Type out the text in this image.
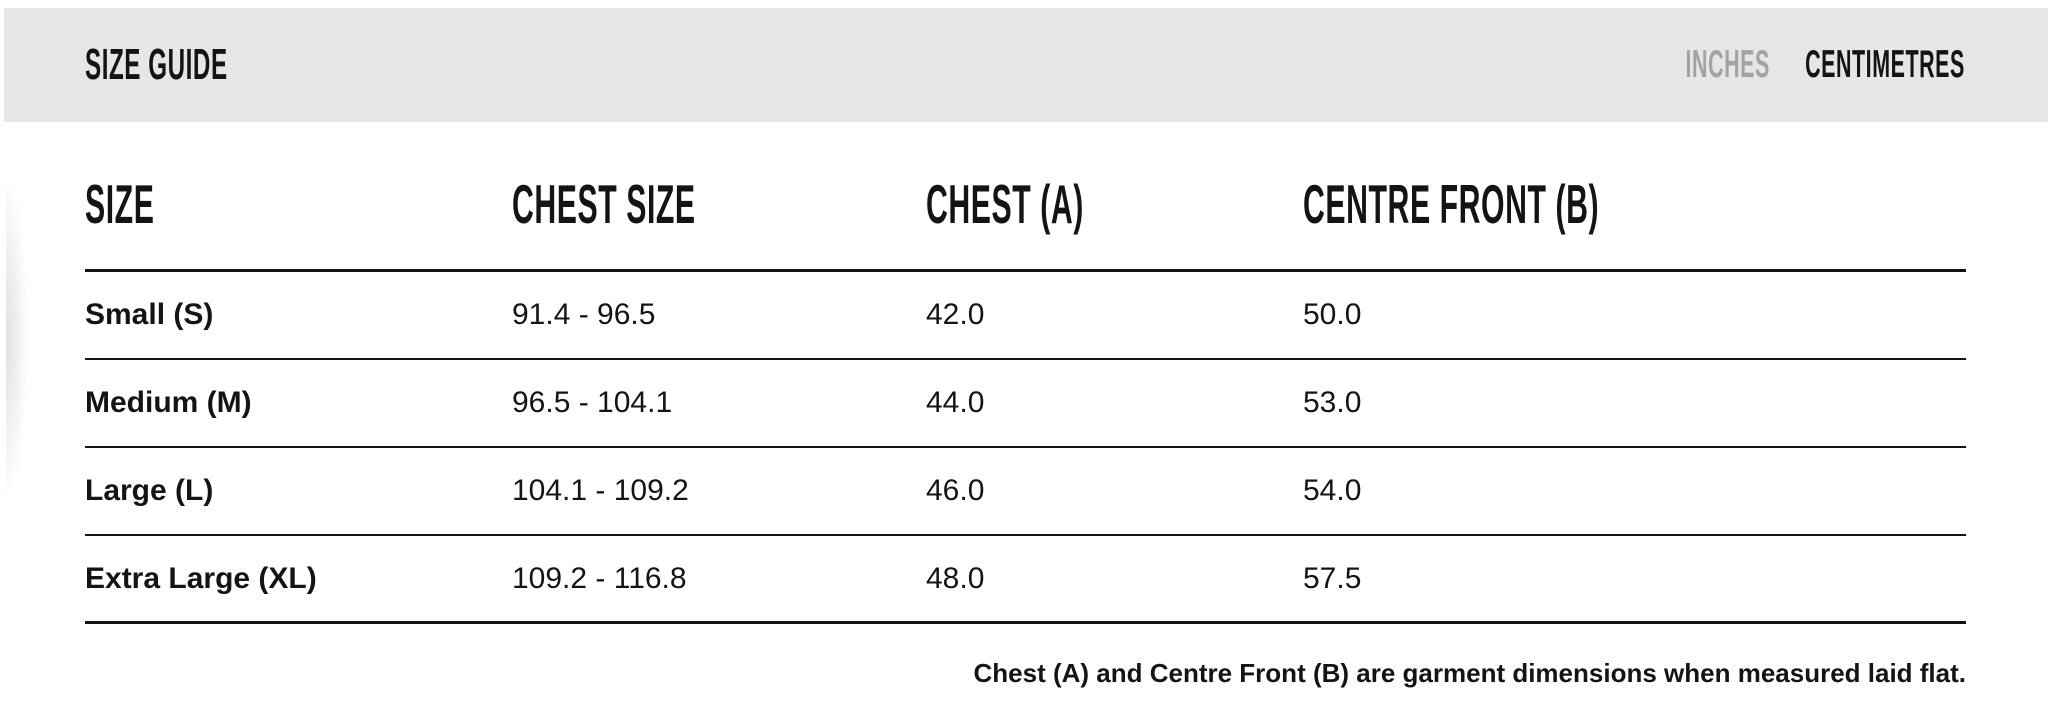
SIZE GUIDE	INCHES CENTIMETRES
SIZE	CHEST SIZE	CHEST (A)	CENTRE FRONT (B)
Small (S)	91.4 - 96.5	42.0	50.0
Medium (M)	96.5 - 104.1	44.0	53.0
Large (L)	104.1 - 109.2	46.0	54.0
Extra Large (XL)	109.2 - 116.8	48.0	57.5

Chest (A) and Centre Front (B) are garment dimensions when measured laid flat.
